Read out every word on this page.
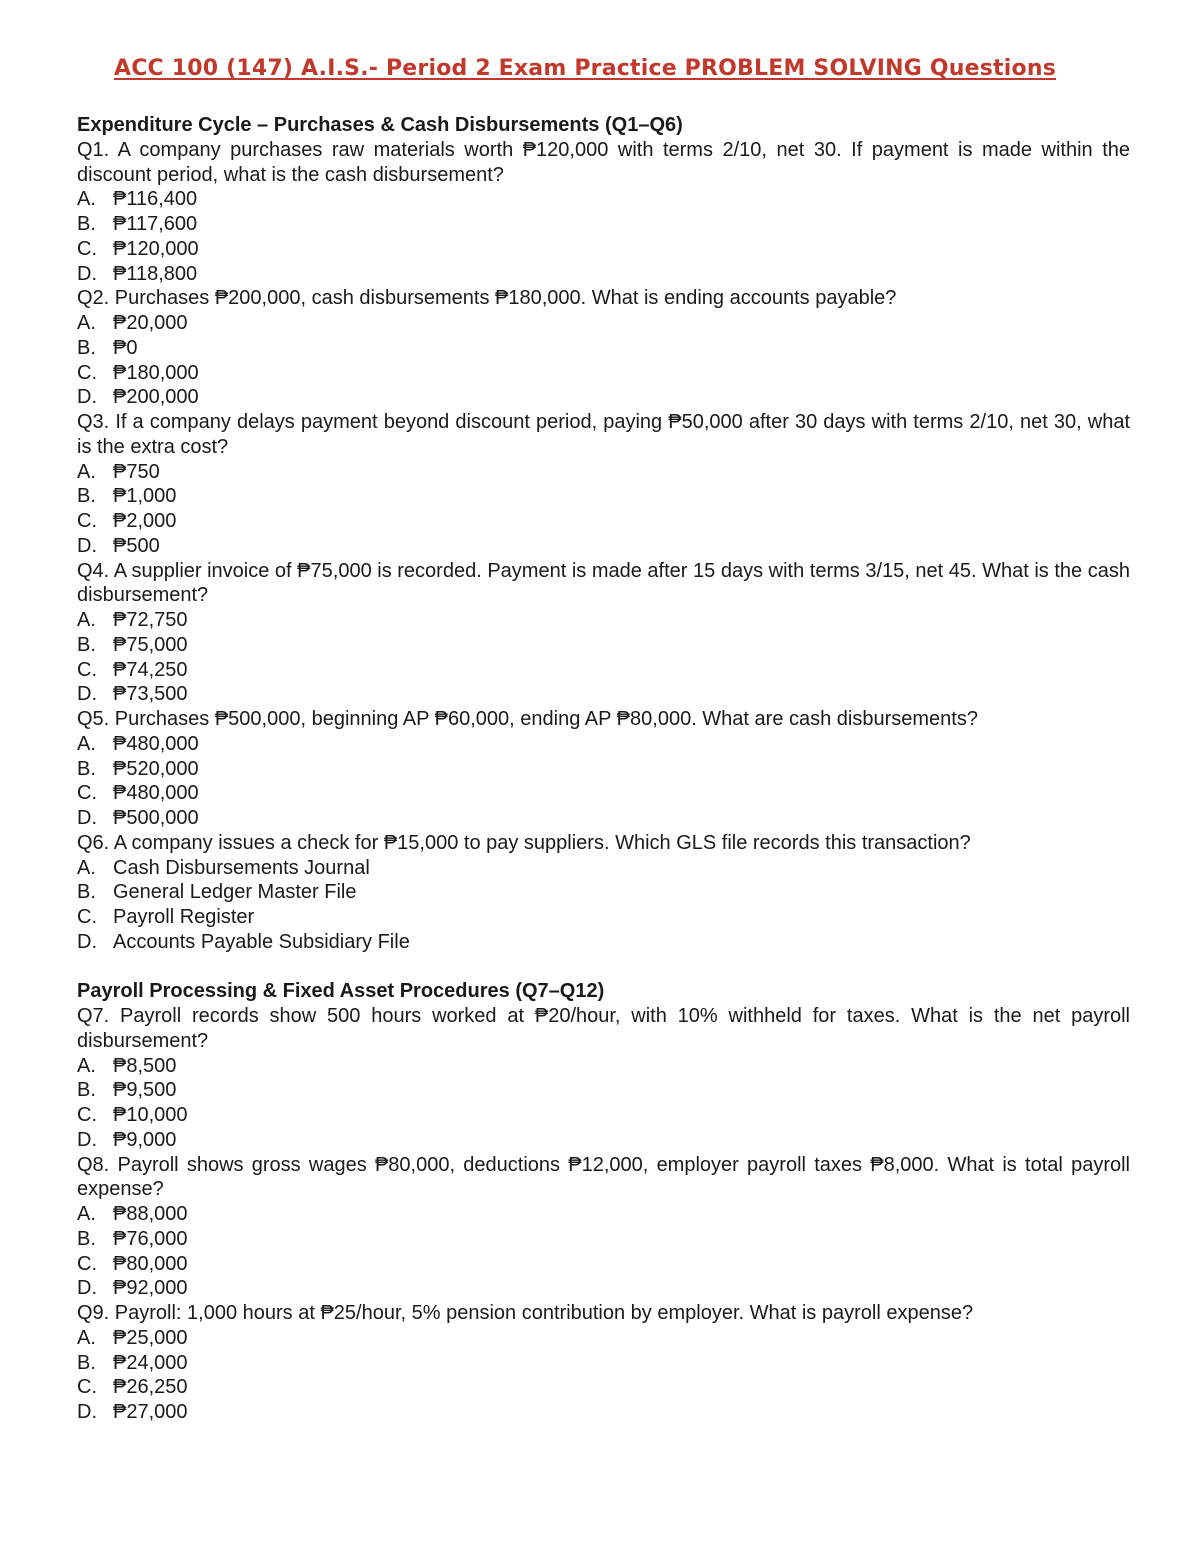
ACC 100 (147) A.I.S.- Period 2 Exam Practice PROBLEM SOLVING Questions
Expenditure Cycle – Purchases & Cash Disbursements (Q1–Q6)
Q1. A company purchases raw materials worth ₱120,000 with terms 2/10, net 30. If payment is made within the discount period, what is the cash disbursement?
A. ₱116,400
B. ₱117,600
C. ₱120,000
D. ₱118,800
Q2. Purchases ₱200,000, cash disbursements ₱180,000. What is ending accounts payable?
A. ₱20,000
B. ₱0
C. ₱180,000
D. ₱200,000
Q3. If a company delays payment beyond discount period, paying ₱50,000 after 30 days with terms 2/10, net 30, what is the extra cost?
A. ₱750
B. ₱1,000
C. ₱2,000
D. ₱500
Q4. A supplier invoice of ₱75,000 is recorded. Payment is made after 15 days with terms 3/15, net 45. What is the cash disbursement?
A. ₱72,750
B. ₱75,000
C. ₱74,250
D. ₱73,500
Q5. Purchases ₱500,000, beginning AP ₱60,000, ending AP ₱80,000. What are cash disbursements?
A. ₱480,000
B. ₱520,000
C. ₱480,000
D. ₱500,000
Q6. A company issues a check for ₱15,000 to pay suppliers. Which GLS file records this transaction?
A. Cash Disbursements Journal
B. General Ledger Master File
C. Payroll Register
D. Accounts Payable Subsidiary File
Payroll Processing & Fixed Asset Procedures (Q7–Q12)
Q7. Payroll records show 500 hours worked at ₱20/hour, with 10% withheld for taxes. What is the net payroll disbursement?
A. ₱8,500
B. ₱9,500
C. ₱10,000
D. ₱9,000
Q8. Payroll shows gross wages ₱80,000, deductions ₱12,000, employer payroll taxes ₱8,000. What is total payroll expense?
A. ₱88,000
B. ₱76,000
C. ₱80,000
D. ₱92,000
Q9. Payroll: 1,000 hours at ₱25/hour, 5% pension contribution by employer. What is payroll expense?
A. ₱25,000
B. ₱24,000
C. ₱26,250
D. ₱27,000
